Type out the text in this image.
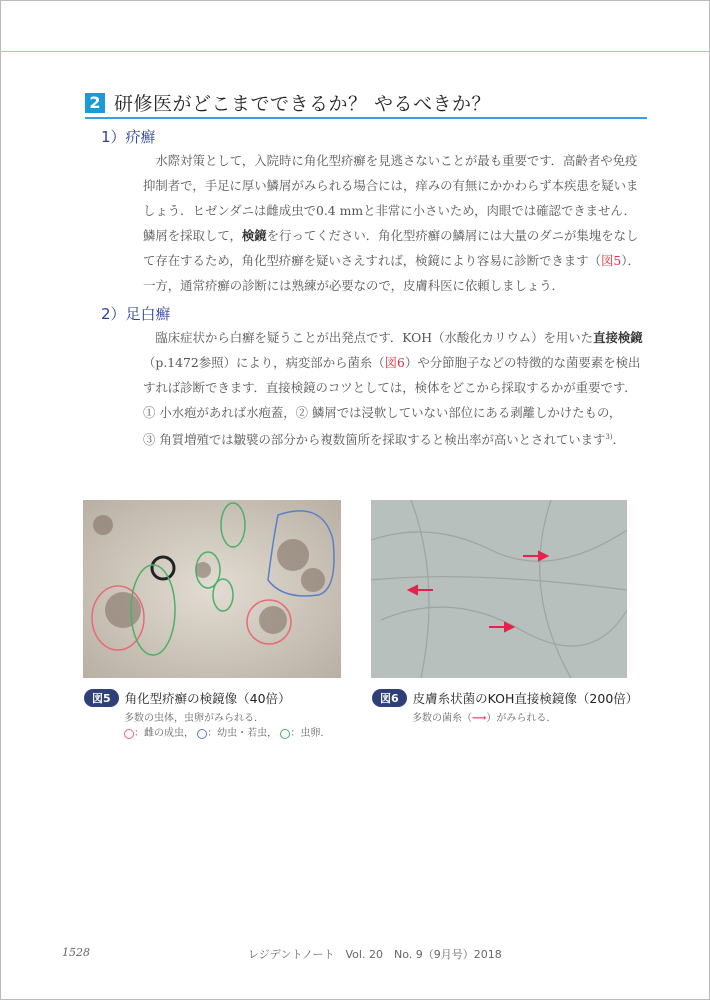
2 研修医がどこまでできるか？ やるべきか？
1）疥癬
　水際対策として，入院時に角化型疥癬を見逃さないことが最も重要です．高齢者や免疫
抑制者で，手足に厚い鱗屑がみられる場合には，痒みの有無にかかわらず本疾患を疑いま
しょう．ヒゼンダニは雌成虫で0.4 mmと非常に小さいため，肉眼では確認できません．
鱗屑を採取して，検鏡を行ってください．角化型疥癬の鱗屑には大量のダニが集塊をなし
て存在するため，角化型疥癬を疑いさえすれば，検鏡により容易に診断できます（図5）．
一方，通常疥癬の診断には熟練が必要なので，皮膚科医に依頼しましょう．
2）足白癬
　臨床症状から白癬を疑うことが出発点です．KOH（水酸化カリウム）を用いた直接検鏡
（p.1472参照）により，病変部から菌糸（図6）や分節胞子などの特徴的な菌要素を検出
すれば診断できます．直接検鏡のコツとしては，検体をどこから採取するかが重要です．
① 小水疱があれば水疱蓋，② 鱗屑では浸軟していない部位にある剥離しかけたもの，
③ 角質増殖では皺襞の部分から複数箇所を採取すると検出率が高いとされています$^{3)}$．
図5	角化型疥癬の検鏡像（40倍）
多数の虫体，虫卵がみられる．
：雌の成虫， ：幼虫・若虫， ：虫卵．
図6	皮膚糸状菌のKOH直接検鏡像（200倍）
多数の菌糸（⟶）がみられる．
1528	レジデントノート　Vol. 20　No. 9（9月号）2018
